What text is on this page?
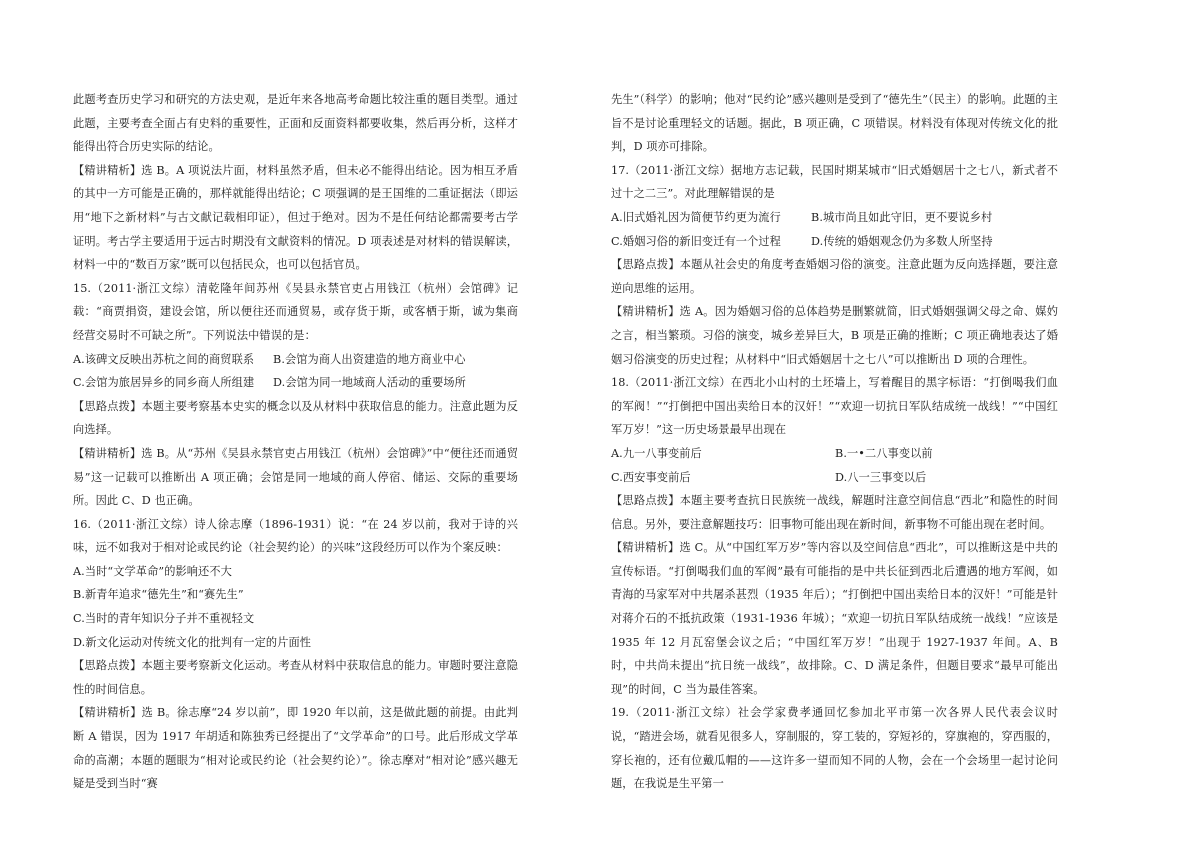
此题考查历史学习和研究的方法史观，是近年来各地高考命题比较注重的题目类型。通过此题，主要考查全面占有史料的重要性，正面和反面资料都要收集，然后再分析，这样才能得出符合历史实际的结论。

【精讲精析】选 B。A 项说法片面，材料虽然矛盾，但未必不能得出结论。因为相互矛盾的其中一方可能是正确的，那样就能得出结论；C 项强调的是王国维的二重证据法（即运用“地下之新材料”与古文献记载相印证），但过于绝对。因为不是任何结论都需要考古学证明。考古学主要适用于远古时期没有文献资料的情况。D 项表述是对材料的错误解读，材料一中的“数百万家”既可以包括民众，也可以包括官员。

15.（2011·浙江文综）清乾隆年间苏州《吴县永禁官吏占用钱江（杭州）会馆碑》记载：“商贾捐资，建设会馆，所以便往还而通贸易，或存货于斯，或客栖于斯，诚为集商经营交易时不可缺之所”。下列说法中错误的是：

A.该碑文反映出苏杭之间的商贸联系	B.会馆为商人出资建造的地方商业中心
C.会馆为旅居异乡的同乡商人所组建	D.会馆为同一地域商人活动的重要场所

【思路点拨】本题主要考察基本史实的概念以及从材料中获取信息的能力。注意此题为反向选择。

【精讲精析】选 B。从“苏州《吴县永禁官吏占用钱江（杭州）会馆碑》”中“便往还而通贸易”这一记载可以推断出 A 项正确；会馆是同一地域的商人停宿、储运、交际的重要场所。因此 C、D 也正确。

16.（2011·浙江文综）诗人徐志摩（1896-1931）说：“在 24 岁以前，我对于诗的兴味，远不如我对于相对论或民约论（社会契约论）的兴味”这段经历可以作为个案反映：

A.当时“文学革命”的影响还不大

B.新青年追求“德先生”和“赛先生”

C.当时的青年知识分子并不重视轻文

D.新文化运动对传统文化的批判有一定的片面性

【思路点拨】本题主要考察新文化运动。考查从材料中获取信息的能力。审题时要注意隐性的时间信息。

【精讲精析】选 B。徐志摩“24 岁以前”，即 1920 年以前，这是做此题的前提。由此判断 A 错误，因为 1917 年胡适和陈独秀已经提出了“文学革命”的口号。此后形成文学革命的高潮；本题的题眼为“相对论或民约论（社会契约论）”。徐志摩对“相对论”感兴趣无疑是受到当时“赛

先生”（科学）的影响；他对“民约论”感兴趣则是受到了“德先生”（民主）的影响。此题的主旨不是讨论重理轻文的话题。据此，B 项正确，C 项错误。材料没有体现对传统文化的批判，D 项亦可排除。

17.（2011·浙江文综）据地方志记载，民国时期某城市“旧式婚姻居十之七八，新式者不过十之二三”。对此理解错误的是

A.旧式婚礼因为简便节约更为流行	B.城市尚且如此守旧，更不要说乡村
C.婚姻习俗的新旧变迁有一个过程	D.传统的婚姻观念仍为多数人所坚持

【思路点拨】本题从社会史的角度考查婚姻习俗的演变。注意此题为反向选择题，要注意逆向思维的运用。

【精讲精析】选 A。因为婚姻习俗的总体趋势是删繁就简，旧式婚姻强调父母之命、媒妁之言，相当繁琐。习俗的演变，城乡差异巨大，B 项是正确的推断；C 项正确地表达了婚姻习俗演变的历史过程；从材料中“旧式婚姻居十之七八”可以推断出 D 项的合理性。

18.（2011·浙江文综）在西北小山村的土坯墙上，写着醒目的黑字标语：“打倒喝我们血的军阀！”“打倒把中国出卖给日本的汉奸！”“欢迎一切抗日军队结成统一战线！”“中国红军万岁！”这一历史场景最早出现在

A.九一八事变前后	B.一•二八事变以前
C.西安事变前后	D.八一三事变以后

【思路点拨】本题主要考查抗日民族统一战线，解题时注意空间信息“西北”和隐性的时间信息。另外，要注意解题技巧：旧事物可能出现在新时间，新事物不可能出现在老时间。

【精讲精析】选 C。从“中国红军万岁”等内容以及空间信息“西北”，可以推断这是中共的宣传标语。“打倒喝我们血的军阀”最有可能指的是中共长征到西北后遭遇的地方军阀，如青海的马家军对中共屠杀甚烈（1935 年后）；“打倒把中国出卖给日本的汉奸！”可能是针对蒋介石的不抵抗政策（1931-1936 年城）；“欢迎一切抗日军队结成统一战线！”应该是 1935 年 12 月瓦窑堡会议之后；“中国红军万岁！”出现于 1927-1937 年间。A、B 时，中共尚未提出“抗日统一战线”，故排除。C、D 满足条件，但题目要求“最早可能出现”的时间，C 当为最佳答案。

19.（2011·浙江文综）社会学家费孝通回忆参加北平市第一次各界人民代表会议时说，“踏进会场，就看见很多人，穿制服的，穿工装的，穿短衫的，穿旗袍的，穿西服的，穿长袍的，还有位戴瓜帽的——这许多一望而知不同的人物，会在一个会场里一起讨论问题，在我说是生平第一
